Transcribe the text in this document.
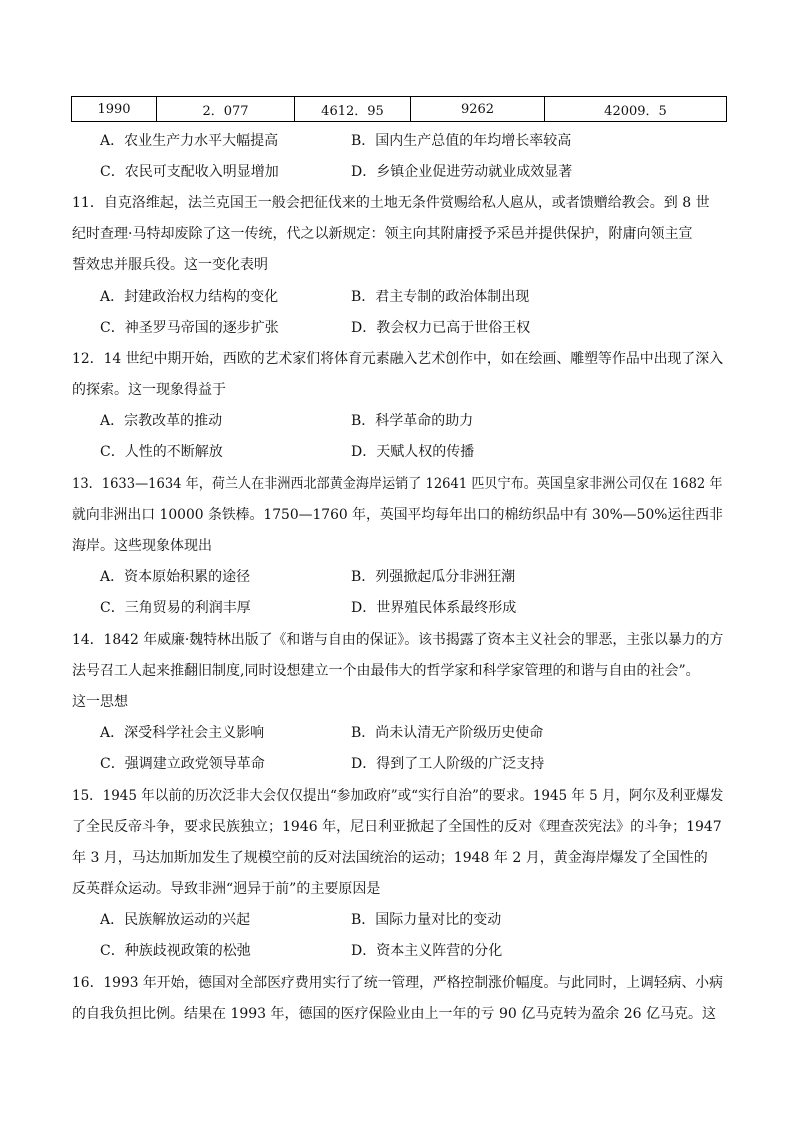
1990	2．077	4612．95	9262	42009．5
A．农业生产力水平大幅提高	B．国内生产总值的年均增长率较高
C．农民可支配收入明显增加	D．乡镇企业促进劳动就业成效显著
11．自克洛维起，法兰克国王一般会把征伐来的土地无条件赏赐给私人扈从，或者馈赠给教会。到 8 世
纪时查理·马特却废除了这一传统，代之以新规定：领主向其附庸授予采邑并提供保护，附庸向领主宣
誓效忠并服兵役。这一变化表明
A．封建政治权力结构的变化	B．君主专制的政治体制出现
C．神圣罗马帝国的逐步扩张	D．教会权力已高于世俗王权
12．14 世纪中期开始，西欧的艺术家们将体育元素融入艺术创作中，如在绘画、雕塑等作品中出现了深入
的探索。这一现象得益于
A．宗教改革的推动	B．科学革命的助力
C．人性的不断解放	D．天赋人权的传播
13．1633—1634 年，荷兰人在非洲西北部黄金海岸运销了 12641 匹贝宁布。英国皇家非洲公司仅在 1682 年
就向非洲出口 10000 条铁棒。1750—1760 年，英国平均每年出口的棉纺织品中有 30%—50%运往西非
海岸。这些现象体现出
A．资本原始积累的途径	B．列强掀起瓜分非洲狂潮
C．三角贸易的利润丰厚	D．世界殖民体系最终形成
14．1842 年威廉·魏特林出版了《和谐与自由的保证》。该书揭露了资本主义社会的罪恶，主张以暴力的方
法号召工人起来推翻旧制度,同时设想建立一个由最伟大的哲学家和科学家管理的和谐与自由的社会”。
这一思想
A．深受科学社会主义影响	B．尚未认清无产阶级历史使命
C．强调建立政党领导革命	D．得到了工人阶级的广泛支持
15．1945 年以前的历次泛非大会仅仅提出“参加政府”或“实行自治”的要求。1945 年 5 月，阿尔及利亚爆发
了全民反帝斗争，要求民族独立；1946 年，尼日利亚掀起了全国性的反对《理查茨宪法》的斗争；1947
年 3 月，马达加斯加发生了规模空前的反对法国统治的运动；1948 年 2 月，黄金海岸爆发了全国性的
反英群众运动。导致非洲“迥异于前”的主要原因是
A．民族解放运动的兴起	B．国际力量对比的变动
C．种族歧视政策的松弛	D．资本主义阵营的分化
16．1993 年开始，德国对全部医疗费用实行了统一管理，严格控制涨价幅度。与此同时，上调轻病、小病
的自我负担比例。结果在 1993 年，德国的医疗保险业由上一年的亏 90 亿马克转为盈余 26 亿马克。这
